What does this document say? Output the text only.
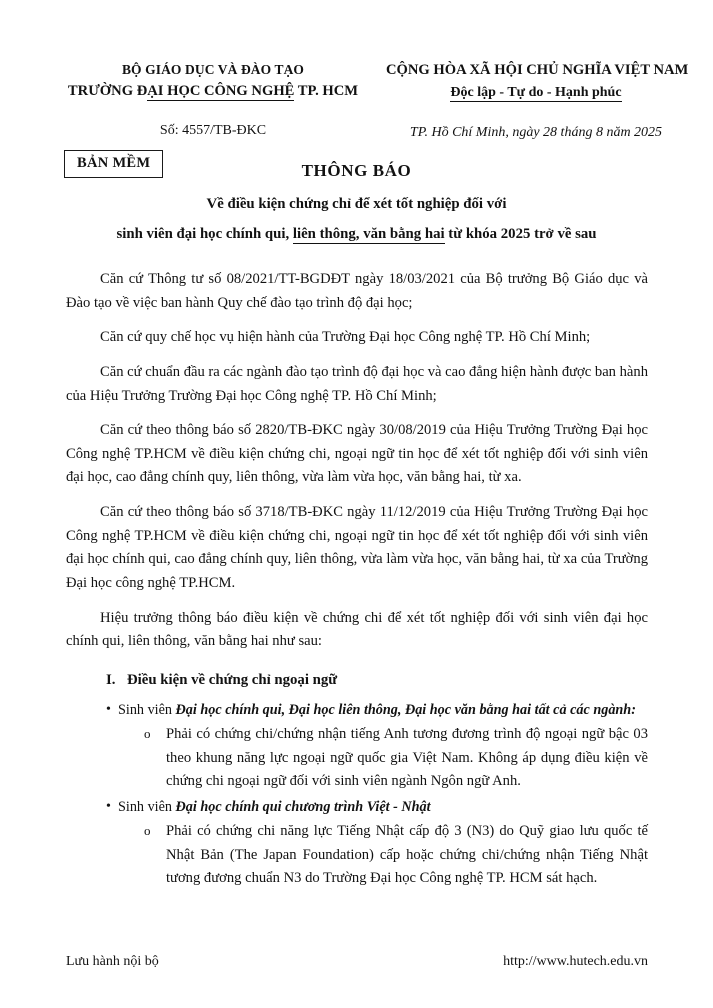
BỘ GIÁO DỤC VÀ ĐÀO TẠO
TRƯỜNG ĐẠI HỌC CÔNG NGHỆ TP. HCM
Số: 4557/TB-ĐKC
CỘNG HÒA XÃ HỘI CHỦ NGHĨA VIỆT NAM
Độc lập - Tự do - Hạnh phúc
TP. Hồ Chí Minh, ngày 28 tháng 8 năm 2025
BẢN MỀM	THÔNG BÁO
Về điều kiện chứng chỉ để xét tốt nghiệp đối với
sinh viên đại học chính qui, liên thông, văn bằng hai từ khóa 2025 trở về sau

Căn cứ Thông tư số 08/2021/TT-BGDĐT ngày 18/03/2021 của Bộ trưởng Bộ Giáo dục và Đào tạo về việc ban hành Quy chế đào tạo trình độ đại học;

Căn cứ quy chế học vụ hiện hành của Trường Đại học Công nghệ TP. Hồ Chí Minh;

Căn cứ chuẩn đầu ra các ngành đào tạo trình độ đại học và cao đẳng hiện hành được ban hành của Hiệu Trưởng Trường Đại học Công nghệ TP. Hồ Chí Minh;

Căn cứ theo thông báo số 2820/TB-ĐKC ngày 30/08/2019 của Hiệu Trưởng Trường Đại học Công nghệ TP.HCM về điều kiện chứng chi, ngoại ngữ tin học để xét tốt nghiệp đối với sinh viên đại học, cao đẳng chính quy, liên thông, vừa làm vừa học, văn bằng hai, từ xa.

Căn cứ theo thông báo số 3718/TB-ĐKC ngày 11/12/2019 của Hiệu Trưởng Trường Đại học Công nghệ TP.HCM về điều kiện chứng chi, ngoại ngữ tin học để xét tốt nghiệp đối với sinh viên đại học chính qui, cao đẳng chính quy, liên thông, vừa làm vừa học, văn bằng hai, từ xa của Trường Đại học công nghệ TP.HCM.

Hiệu trưởng thông báo điều kiện về chứng chi để xét tốt nghiệp đối với sinh viên đại học chính qui, liên thông, văn bằng hai như sau:

I. Điều kiện về chứng chỉ ngoại ngữ
• Sinh viên Đại học chính qui, Đại học liên thông, Đại học văn bằng hai tất cả các ngành:
o Phải có chứng chi/chứng nhận tiếng Anh tương đương trình độ ngoại ngữ bậc 03 theo khung năng lực ngoại ngữ quốc gia Việt Nam. Không áp dụng điều kiện về chứng chi ngoại ngữ đối với sinh viên ngành Ngôn ngữ Anh.
• Sinh viên Đại học chính qui chương trình Việt - Nhật
o Phải có chứng chi năng lực Tiếng Nhật cấp độ 3 (N3) do Quỹ giao lưu quốc tế Nhật Bản (The Japan Foundation) cấp hoặc chứng chi/chứng nhận Tiếng Nhật tương đương chuẩn N3 do Trường Đại học Công nghệ TP. HCM sát hạch.
Lưu hành nội bộ	http://www.hutech.edu.vn
